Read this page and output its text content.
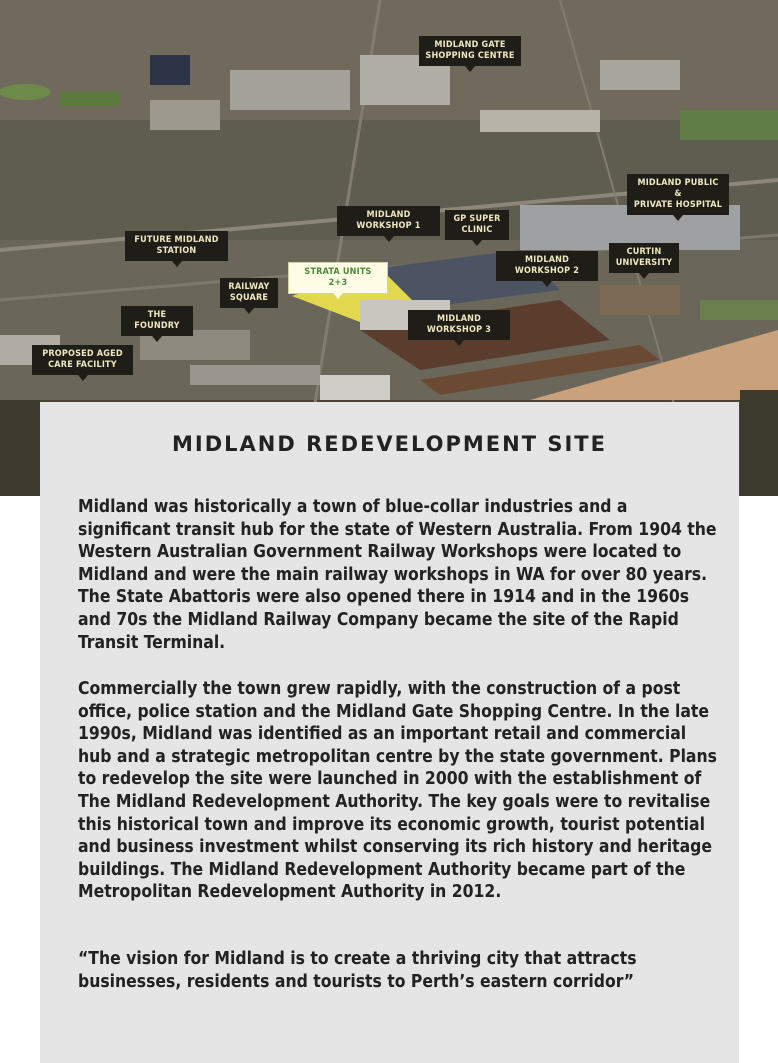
MIDLAND GATE
SHOPPING CENTRE
MIDLAND PUBLIC &
PRIVATE HOSPITAL
MIDLAND
WORKSHOP 1
GP SUPER
CLINIC
FUTURE MIDLAND
STATION
STRATA UNITS 2+3
MIDLAND
WORKSHOP 2
CURTIN
UNIVERSITY
RAILWAY
SQUARE
THE
FOUNDRY
MIDLAND
WORKSHOP 3
PROPOSED AGED
CARE FACILITY
MIDLAND REDEVELOPMENT SITE

Midland was historically a town of blue-collar industries and a significant transit hub for the state of Western Australia. From 1904 the Western Australian Government Railway Workshops were located to Midland and were the main railway workshops in WA for over 80 years. The State Abattoris were also opened there in 1914 and in the 1960s and 70s the Midland Railway Company became the site of the Rapid Transit Terminal.

Commercially the town grew rapidly, with the construction of a post office, police station and the Midland Gate Shopping Centre. In the late 1990s, Midland was identified as an important retail and commercial hub and a strategic metropolitan centre by the state government. Plans to redevelop the site were launched in 2000 with the establishment of The Midland Redevelopment Authority. The key goals were to revitalise this historical town and improve its economic growth, tourist potential and business investment whilst conserving its rich history and heritage buildings. The Midland Redevelopment Authority became part of the Metropolitan Redevelopment Authority in 2012.

“The vision for Midland is to create a thriving city that attracts businesses, residents and tourists to Perth’s eastern corridor”
